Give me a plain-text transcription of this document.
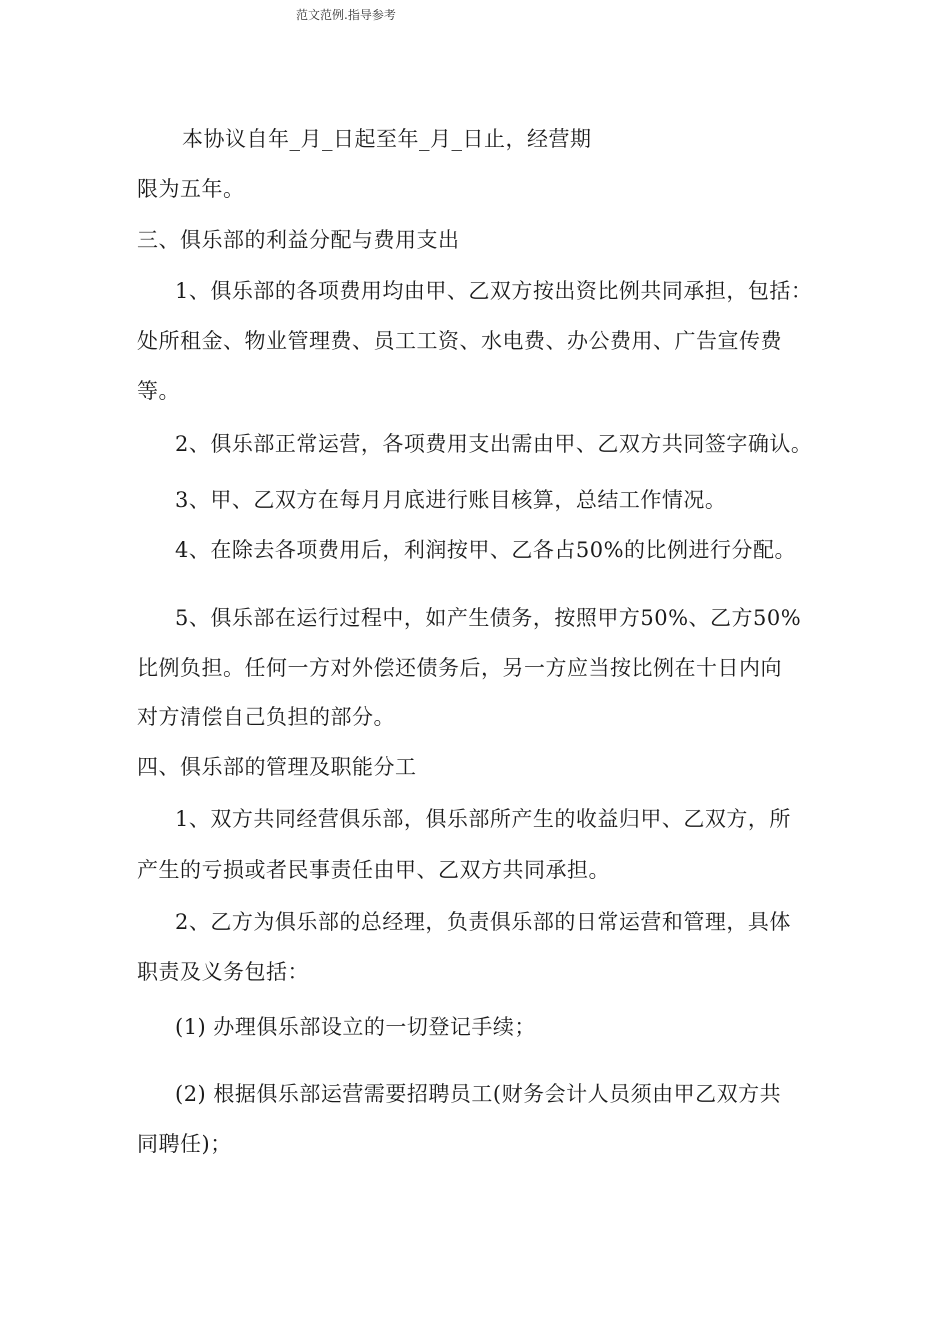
范文范例.指导参考
本协议自年_月_日起至年_月_日止，经营期
限为五年。
三、俱乐部的利益分配与费用支出
1、俱乐部的各项费用均由甲、乙双方按出资比例共同承担，包括：
处所租金、物业管理费、员工工资、水电费、办公费用、广告宣传费
等。
2、俱乐部正常运营，各项费用支出需由甲、乙双方共同签字确认。
3、甲、乙双方在每月月底进行账目核算，总结工作情况。
4、在除去各项费用后，利润按甲、乙各占50%的比例进行分配。
5、俱乐部在运行过程中，如产生债务，按照甲方50%、乙方50%
比例负担。任何一方对外偿还债务后，另一方应当按比例在十日内向
对方清偿自己负担的部分。
四、俱乐部的管理及职能分工
1、双方共同经营俱乐部，俱乐部所产生的收益归甲、乙双方，所
产生的亏损或者民事责任由甲、乙双方共同承担。
2、乙方为俱乐部的总经理，负责俱乐部的日常运营和管理，具体
职责及义务包括：
(1) 办理俱乐部设立的一切登记手续；
(2) 根据俱乐部运营需要招聘员工(财务会计人员须由甲乙双方共
同聘任)；
